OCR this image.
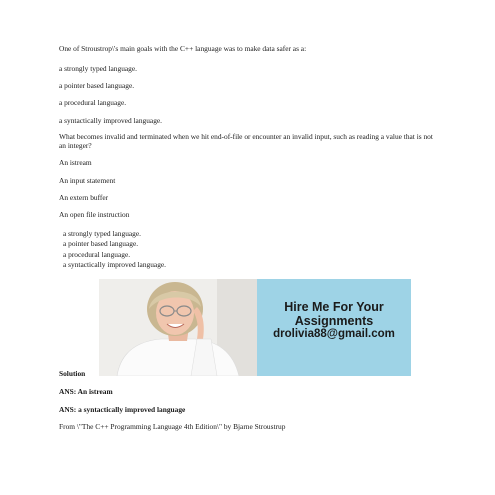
One of Stroustrop\'s main goals with the C++ language was to make data safer as a:
a strongly typed language.
a pointer based language.
a procedural language.
a syntactically improved language.
What becomes invalid and terminated when we hit end-of-file or encounter an invalid input, such as reading a value that is not an integer?
An istream
An input statement
An extern buffer
An open file instruction
a strongly typed language.
a pointer based language.
a procedural language.
a syntactically improved language.
Hire Me For Your
Assignments
drolivia88@gmail.com
Solution
ANS: An istream
ANS: a syntactically improved language
From \"The C++ Programming Language 4th Edition\" by Bjarne Stroustrup
